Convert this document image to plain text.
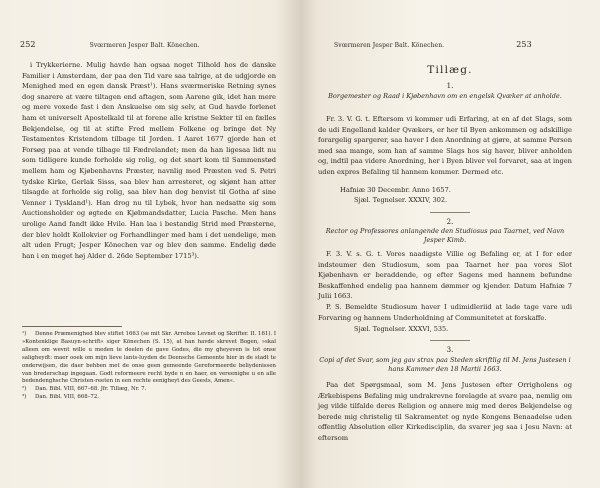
252	Svœrmeren Jesper Balt. Könechen.
i Trykkerierne. Mulig havde han ogsaa noget Tilhold hos de danske Familier i Amsterdam, der paa den Tid vare saa talrige, at de udgjorde en Menighed med en egen dansk Præst¹). Hans sværmeriske Retning synes dog snarere at være tiltagen end aftagen, som Aarene gik, idet han mere og mere voxede fast i den Anskuelse om sig selv, at Gud havde forlenet ham et universelt Apostelkald til at forene alle kristne Sekter til en fælles Bekjendelse, og til at stifte Fred mellem Folkene og bringe det Ny Testamentes Kristendom tilbage til Jorden. I Aaret 1677 gjorde han et Forsøg paa at vende tilbage til Fædrelandet; men da han ligesaa lidt nu som tidligere kunde forholde sig rolig, og det snart kom til Sammenstød mellem ham og Kjøbenhavns Præster, navnlig med Præsten ved S. Petri tydske Kirke, Gerlak Sisss, saa blev han arresteret, og skjønt han atter tilsagde at forholde sig rolig, saa blev han dog henvist til Gotha af sine Venner i Tyskland¹). Han drog nu til Lybek, hvor han nedsatte sig som Auctionsholder og øgtede en Kjøbmandsdatter, Lucia Pasche. Men hans urolige Aand fandt ikke Hvile. Han laa i bestandig Strid med Præsterne, der blev holdt Kollokvier og Forhandlinger med ham i det uendelige, men alt uden Frugt; Jesper Könechen var og blev den samme. Endelig døde han i en meget høj Alder d. 26de September 1715³).

¹) Denne Præmenighed blev stiftet 1663 (se mit Skr. Arrebos Levnet og Skrifter. II. 161). I »Kontenklige Basuyn-schrift« siger Könechen (S. 15), at han havde skrevet Bogen, »skal alleen om wevnt wille u meden te deelen de gave Godes, die my gheyeven is tot onse saligheydt: maer ooek om mijn lieve lants-luyden de Deensche Gemeente hier in de stadt te onderwijsen, die daer behben met de onse geen gemeende Gereformeerde beliydenissen van brederschap ingegaan. Godt reformeere recht byde n en haer, en vereenighe u en alle bedendenghsche Christen-reeten in een rechte eenigheyt des Geests, Amen«.

²) Dan. Bibl. VIII, 667–68. Jfr. Tillæg, Nr. 7.

³) Dan. Bibl. VIII, 668–72.

Svœrmeren Jesper Balt. Könechen.	253
Tillæg.
1.
Borgemester og Raad i Kjøbenhavn om en engelsk Qvæker at anholde.
Fr. 3. V. G. t. Eftersom vi kommer udi Erfaring, at en af det Slags, som de udi Engelland kalder Qvækers, er her til Byen ankommen og adskillige forargelig spargerer, saa haver I den Anordning at gjøre, at samme Person med saa mange, som han af samme Slags hos sig haver, bliver anholden og, indtil paa videre Anordning, her i Byen bliver vel forvaret, saa at ingen uden expres Befaling til hannem kommer. Dermed etc.
Hafniæ 30 Decembr. Anno 1657.
Sjæl. Tegnelser. XXXIV, 302.
2.
Rector og Professores anlangende den Studiosus paa Taarnet, ved Navn Jesper Kimb.
F. 3. V. s. G. t. Vores naadigste Villie og Befaling er, at I for eder indsteumer den Studiosum, som paa Taarnet her paa vores Slot Kjøbenhavn er beraddende, og efter Sagens med hannem befundne Beskaffenhed endelig paa hannem dømmer og kjender. Datum Hafniæ 7 Julii 1663.
P. S. Bemeldte Studiosum haver I udimidleriid at lade tage vare udi Forvaring og hannem Underholdning af Communitetet at forskaffe.
Sjæl. Tegnelser. XXXVI, 535.
3.
Copi af det Svar, som jeg gav strax paa Steden skriftlig til M. Jens Justesen i hans Kammer den 18 Martii 1663.
Paa det Spørgsmaal, som M. Jens Justesen efter Orrigholens og Ærkebispens Befaling mig undrakrevne forelagde at svare paa, nemlig om jeg vilde tilfalde deres Religion og annere mig med deres Bekjendelse og beredе mig christelig til Sakramentet og nyde Kongens Benaadelse uden offentlig Absolution eller Kirkedisciplin, da svarer jeg saa i Jesu Navn: at eftersom
